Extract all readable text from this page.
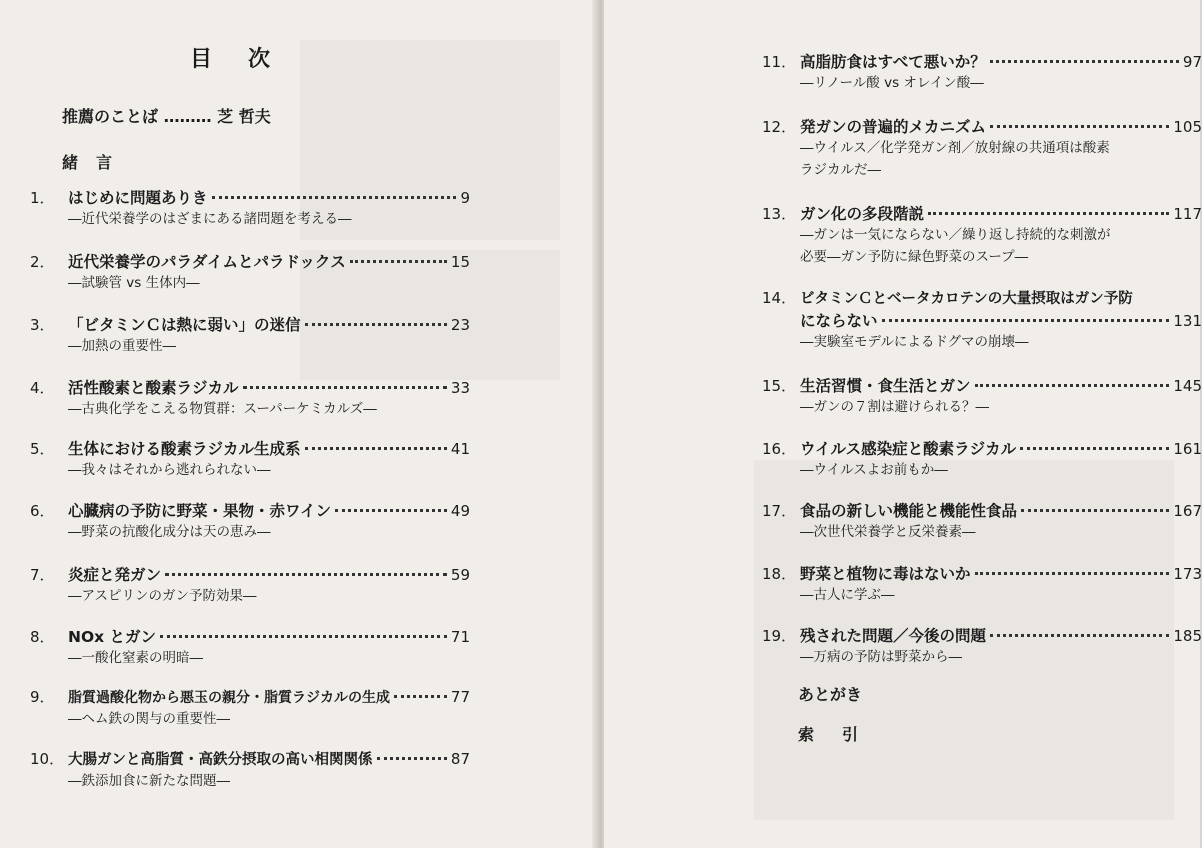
目次
推薦のことば ……… 芝 哲夫
緒言
1． はじめに問題ありき	9
―近代栄養学のはざまにある諸問題を考える―
2． 近代栄養学のパラダイムとパラドックス	15
―試験管 vs 生体内―
3． 「ビタミンＣは熱に弱い」の迷信	23
―加熱の重要性―
4． 活性酸素と酸素ラジカル	33
―古典化学をこえる物質群：スーパーケミカルズ―
5． 生体における酸素ラジカル生成系	41
―我々はそれから逃れられない―
6． 心臓病の予防に野菜・果物・赤ワイン	49
―野菜の抗酸化成分は天の恵み―
7． 炎症と発ガン	59
―アスピリンのガン予防効果―
8． NOx とガン	71
―一酸化窒素の明暗―
9． 脂質過酸化物から悪玉の親分・脂質ラジカルの生成	77
―ヘム鉄の関与の重要性―
10． 大腸ガンと高脂質・高鉄分摂取の高い相関関係	87
―鉄添加食に新たな問題―
11． 高脂肪食はすべて悪いか？	97
―リノール酸 vs オレイン酸―
12． 発ガンの普遍的メカニズム	105
―ウイルス／化学発ガン剤／放射線の共通項は酸素
ラジカルだ―
13． ガン化の多段階説	117
―ガンは一気にならない／繰り返し持続的な刺激が
必要―ガン予防に緑色野菜のスープ―
14． ビタミンＣとベータカロテンの大量摂取はガン予防
にならない	131
―実験室モデルによるドグマの崩壊―
15． 生活習慣・食生活とガン	145
―ガンの７割は避けられる？―
16． ウイルス感染症と酸素ラジカル	161
―ウイルスよお前もか―
17． 食品の新しい機能と機能性食品	167
―次世代栄養学と反栄養素―
18． 野菜と植物に毒はないか	173
―古人に学ぶ―
19． 残された問題／今後の問題	185
―万病の予防は野菜から―
あとがき
索引
